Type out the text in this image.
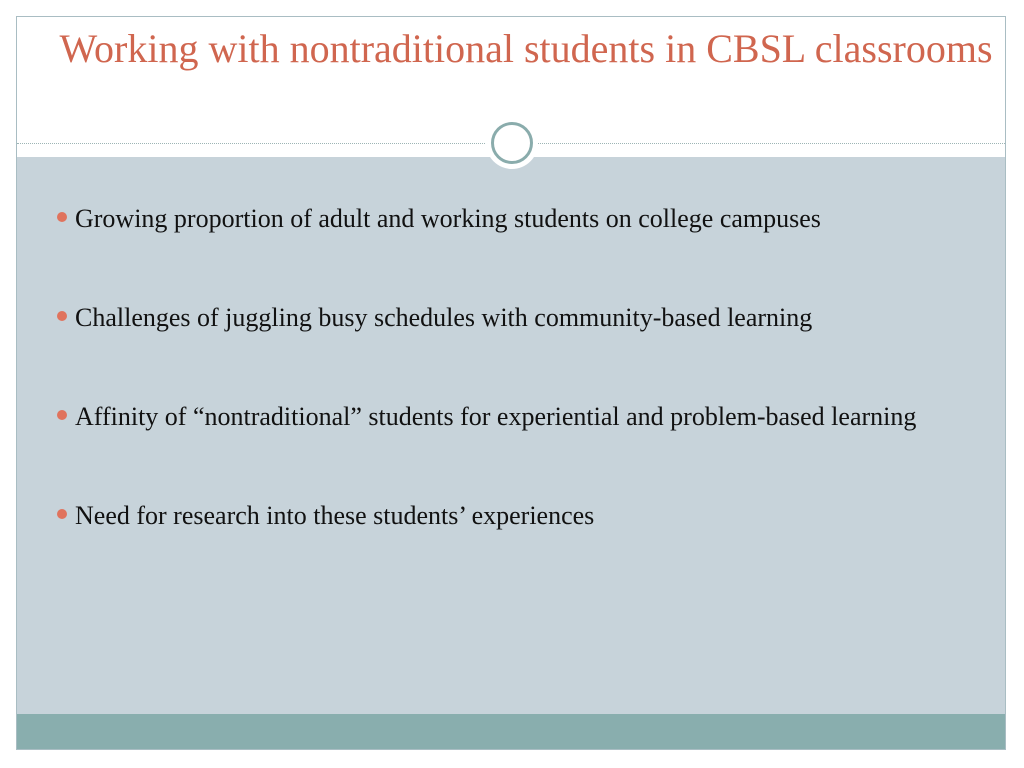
Working with nontraditional students in CBSL classrooms
Growing proportion of adult and working students on college campuses
Challenges of juggling busy schedules with community-based learning
Affinity of “nontraditional” students for experiential and problem-based learning
Need for research into these students’ experiences
